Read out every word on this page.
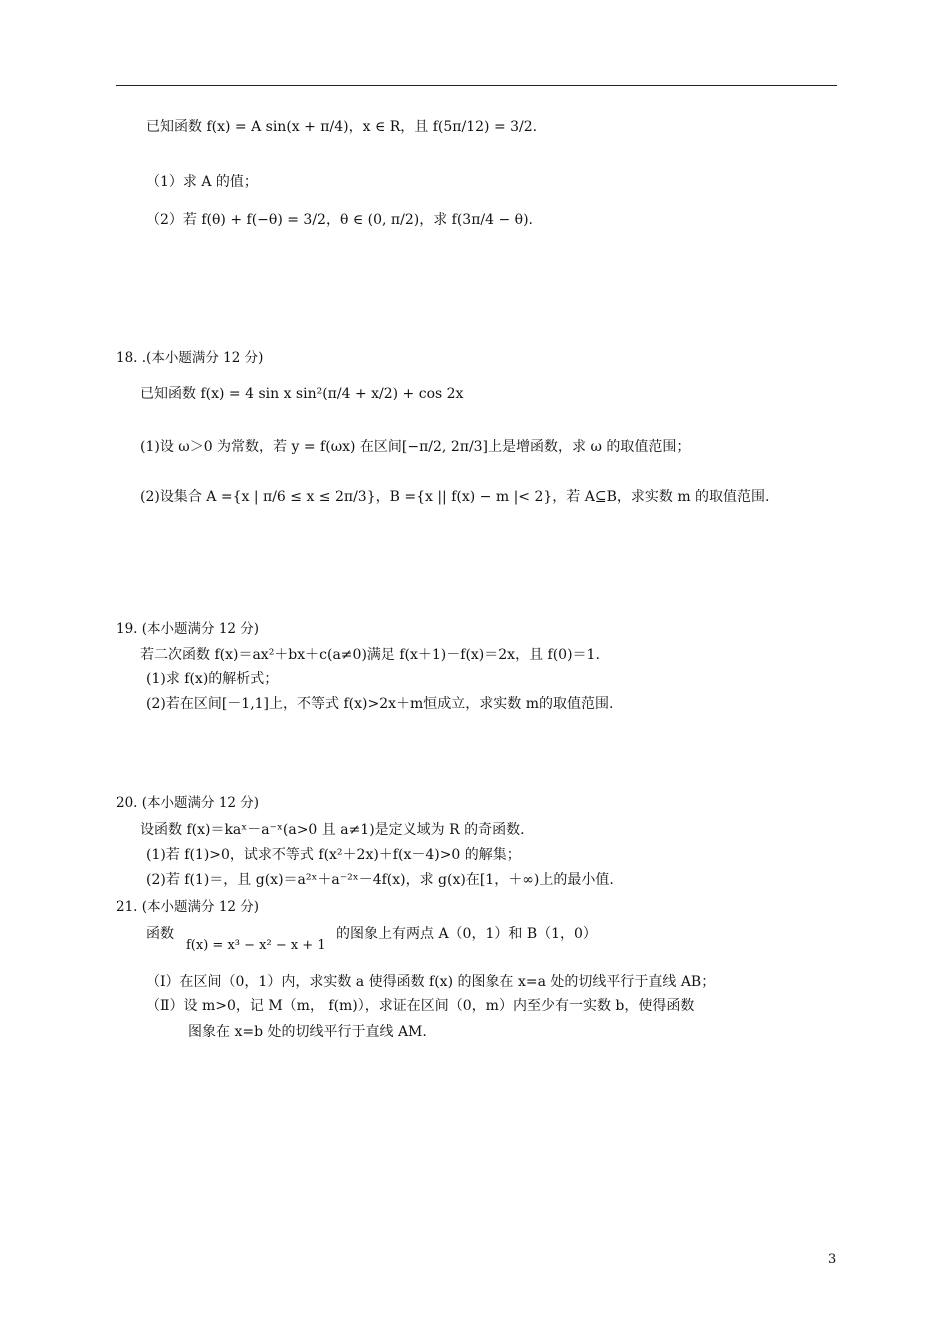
已知函数 f(x) = A sin(x + π/4)，x ∈ R，且 f(5π/12) = 3/2.
（1）求 A 的值；
（2）若 f(θ) + f(−θ) = 3/2，θ ∈ (0, π/2)，求 f(3π/4 − θ).
18. .(本小题满分 12 分)
已知函数 f(x) = 4 sin x sin²(π/4 + x/2) + cos 2x
(1)设 ω＞0 为常数，若 y = f(ωx) 在区间[−π/2, 2π/3]上是增函数，求 ω 的取值范围；
(2)设集合 A ={x | π/6 ≤ x ≤ 2π/3}，B ={x || f(x) − m |< 2}，若 A⊆B，求实数 m 的取值范围.
19. (本小题满分 12 分)
若二次函数 f(x)＝ax²＋bx＋c(a≠0)满足 f(x＋1)－f(x)＝2x，且 f(0)＝1.
(1)求 f(x)的解析式；
(2)若在区间[－1,1]上，不等式 f(x)>2x＋m恒成立，求实数 m的取值范围.
20. (本小题满分 12 分)
设函数 f(x)＝kaˣ－a⁻ˣ(a>0 且 a≠1)是定义域为 R 的奇函数.
(1)若 f(1)>0，试求不等式 f(x²＋2x)＋f(x－4)>0 的解集；
(2)若 f(1)＝，且 g(x)＝a²ˣ＋a⁻²ˣ－4f(x)，求 g(x)在[1，＋∞)上的最小值.
21. (本小题满分 12 分)
函数
f(x) = x³ − x² − x + 1
的图象上有两点 A（0，1）和 B（1，0）
（Ⅰ）在区间（0，1）内，求实数 a 使得函数 f(x) 的图象在 x=a 处的切线平行于直线 AB；
（Ⅱ）设 m>0，记 M（m， f(m)），求证在区间（0，m）内至少有一实数 b，使得函数
图象在 x=b 处的切线平行于直线 AM.
3
